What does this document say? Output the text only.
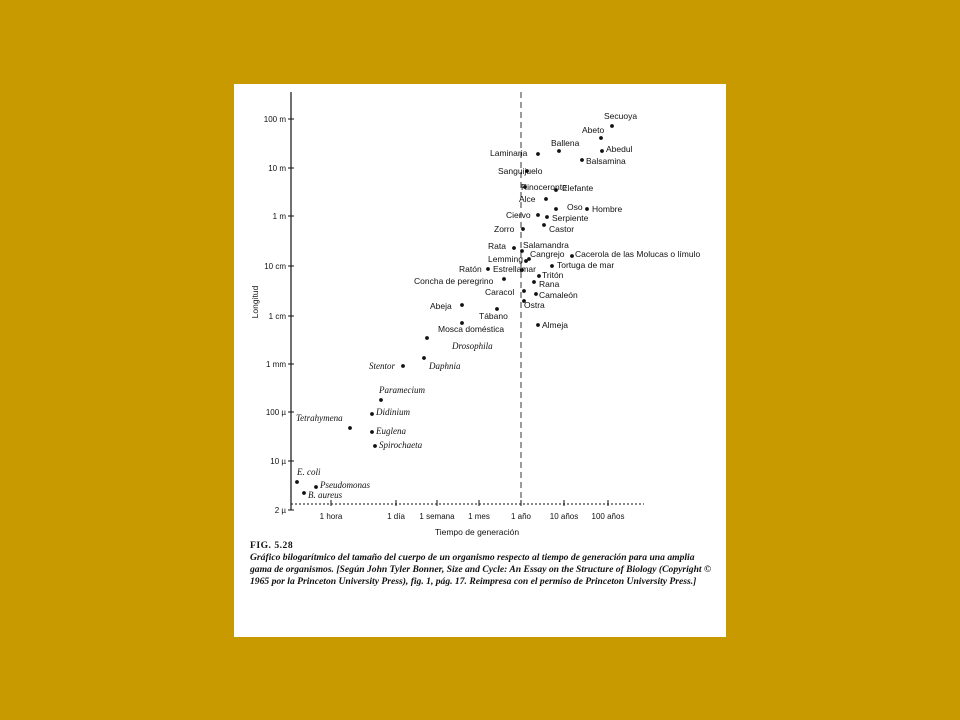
100 m
10 m
1 m
10 cm
1 cm
1 mm
100 µ
10 µ
2 µ
1 hora	1 día 1 semana 1 mes	1 año 10 años 100 años
Secuoya
Abeto
Abedul
Ballena
Laminaria
Balsamina
Sanguijuelo
Rinoceronte
Elefante
Alce
Oso Hombre
Ciervo	Serpiente
Zorro	Castor
Salamandra
Rata
Cangrejo
Lemming	Cacerola de las Molucas o límulo
Tortuga de mar
Ratón Estrellamar
Tritón
Rana
Concha de peregrino
Camaleón
Caracol
Ostra
Abeja
Tábano
Mosca doméstica	Almeja
Drosophila
Daphnia
Stentor
Paramecium
Didinium
Tetrahymena
Euglena
Spirochaeta
E. coli
Pseudomonas
B. aureus
Longitud
Tiempo de generación
FIG. 5.28
Gráfico bilogarítmico del tamaño del cuerpo de un organismo respecto al tiempo de generación para una amplia gama de organismos. [Según John Tyler Bonner, Size and Cycle: An Essay on the Structure of Biology (Copyright © 1965 por la Princeton University Press), fig. 1, pág. 17. Reimpresa con el permiso de Princeton University Press.]
